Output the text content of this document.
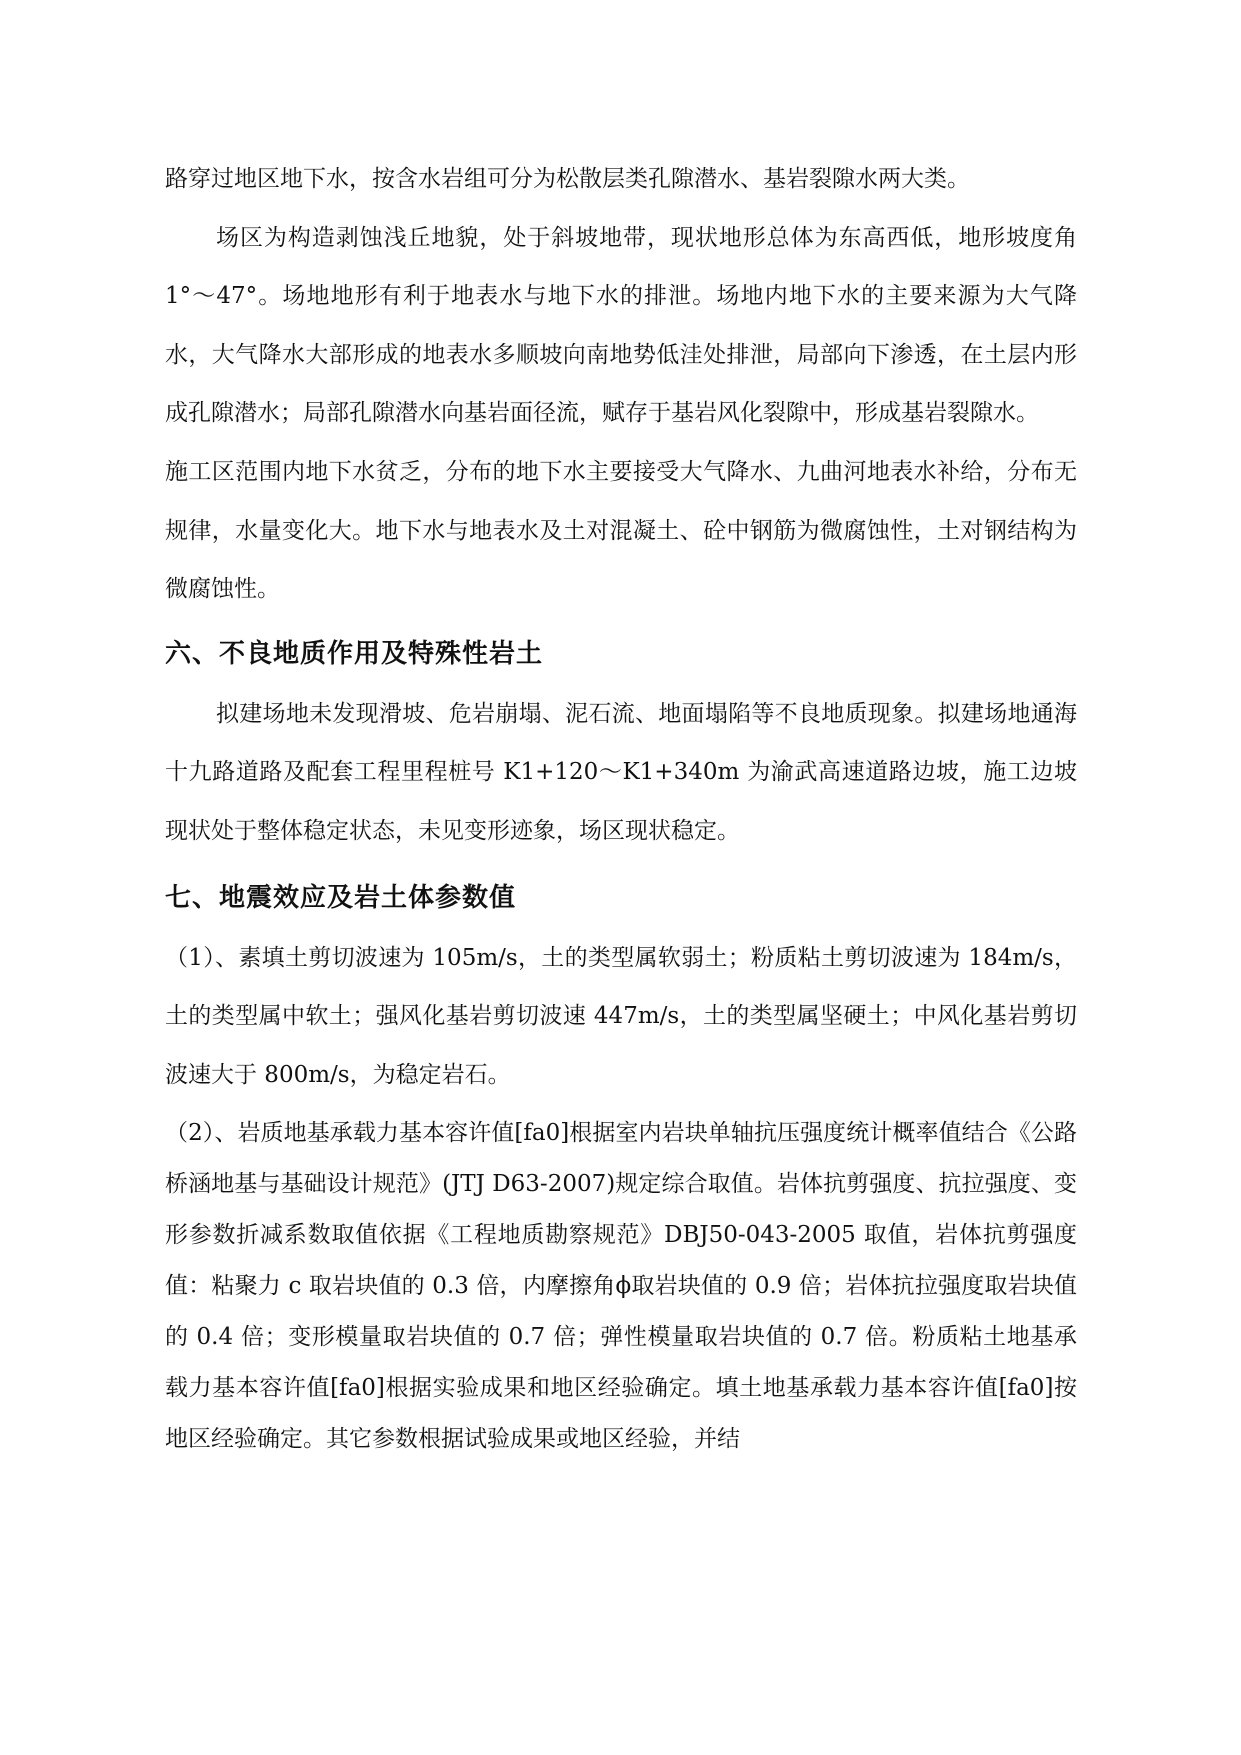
路穿过地区地下水，按含水岩组可分为松散层类孔隙潜水、基岩裂隙水两大类。

场区为构造剥蚀浅丘地貌，处于斜坡地带，现状地形总体为东高西低，地形坡度角 1°～47°。场地地形有利于地表水与地下水的排泄。场地内地下水的主要来源为大气降水，大气降水大部形成的地表水多顺坡向南地势低洼处排泄，局部向下渗透，在土层内形成孔隙潜水；局部孔隙潜水向基岩面径流，赋存于基岩风化裂隙中，形成基岩裂隙水。

施工区范围内地下水贫乏，分布的地下水主要接受大气降水、九曲河地表水补给，分布无规律，水量变化大。地下水与地表水及土对混凝土、砼中钢筋为微腐蚀性，土对钢结构为微腐蚀性。

六、不良地质作用及特殊性岩土

拟建场地未发现滑坡、危岩崩塌、泥石流、地面塌陷等不良地质现象。拟建场地通海十九路道路及配套工程里程桩号 K1+120～K1+340m 为渝武高速道路边坡，施工边坡现状处于整体稳定状态，未见变形迹象，场区现状稳定。

七、地震效应及岩土体参数值

（1）、素填土剪切波速为 105m/s，土的类型属软弱土；粉质粘土剪切波速为 184m/s，土的类型属中软土；强风化基岩剪切波速 447m/s，土的类型属坚硬土；中风化基岩剪切波速大于 800m/s，为稳定岩石。

（2）、岩质地基承载力基本容许值[fa0]根据室内岩块单轴抗压强度统计概率值结合《公路桥涵地基与基础设计规范》(JTJ D63-2007)规定综合取值。岩体抗剪强度、抗拉强度、变形参数折减系数取值依据《工程地质勘察规范》DBJ50-043-2005 取值，岩体抗剪强度值：粘聚力 c 取岩块值的 0.3 倍，内摩擦角ϕ取岩块值的 0.9 倍；岩体抗拉强度取岩块值的 0.4 倍；变形模量取岩块值的 0.7 倍；弹性模量取岩块值的 0.7 倍。粉质粘土地基承载力基本容许值[fa0]根据实验成果和地区经验确定。填土地基承载力基本容许值[fa0]按地区经验确定。其它参数根据试验成果或地区经验，并结
